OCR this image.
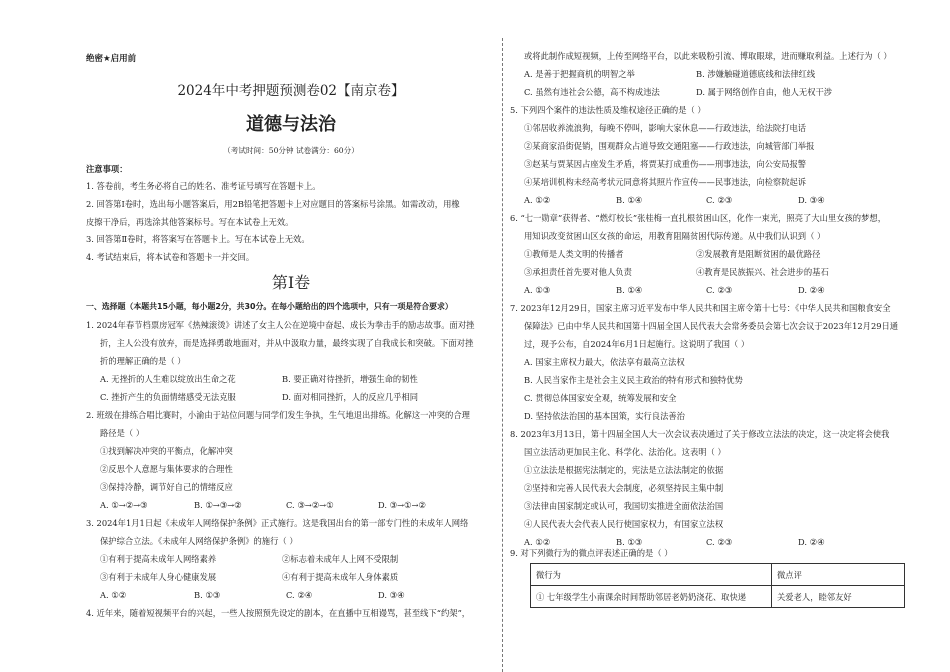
绝密★启用前
2024年中考押题预测卷02【南京卷】
道德与法治
（考试时间：50分钟 试卷满分：60分）
注意事项：
1. 答卷前，考生务必将自己的姓名、准考证号填写在答题卡上。
2. 回答第Ⅰ卷时，选出每小题答案后，用2B铅笔把答题卡上对应题目的答案标号涂黑。如需改动，用橡
皮擦干净后，再选涂其他答案标号。写在本试卷上无效。
3. 回答第Ⅱ卷时，将答案写在答题卡上。写在本试卷上无效。
4. 考试结束后，将本试卷和答题卡一并交回。
第Ⅰ卷
一、选择题（本题共15小题，每小题2分，共30分。在每小题给出的四个选项中，只有一项是符合要求）
1. 2024年春节档票房冠军《热辣滚烫》讲述了女主人公在逆境中奋起、成长为拳击手的励志故事。面对挫
折，主人公没有放弃，而是选择勇敢地面对，并从中汲取力量，最终实现了自我成长和突破。下面对挫
折的理解正确的是（ ）
A. 无挫折的人生难以绽放出生命之花	B. 要正确对待挫折，增强生命的韧性
C. 挫折产生的负面情绪感受无法克服	D. 面对相同挫折，人的反应几乎相同
2. 班级在排练合唱比赛时，小渝由于站位问题与同学们发生争执，生气地退出排练。化解这一冲突的合理
路径是（ ）
①找到解决冲突的平衡点，化解冲突
②反思个人意愿与集体要求的合理性
③保持冷静，调节好自己的情绪反应
A. ①→②→③	B. ①→③→②	C. ③→②→①	D. ③→①→②
3. 2024年1月1日起《未成年人网络保护条例》正式施行。这是我国出台的第一部专门性的未成年人网络
保护综合立法。《未成年人网络保护条例》的施行（ ）
①有利于提高未成年人网络素养	②标志着未成年人上网不受限制
③有利于未成年人身心健康发展	④有利于提高未成年人身体素质
A. ①②	B. ①③	C. ②④	D. ③④
4. 近年来，随着短视频平台的兴起，一些人按照预先设定的剧本，在直播中互相谩骂，甚至线下“约架”，
或将此制作成短视频，上传至网络平台，以此来吸粉引流、博取眼球，进而赚取利益。上述行为（ ）
A. 是善于把握商机的明智之举	B. 涉嫌触碰道德底线和法律红线
C. 虽然有违社会公德，高不构成违法	D. 属于网络创作自由，他人无权干涉
5. 下列四个案件的违法性质及维权途径正确的是（ ）
①邻居收养流浪狗，每晚不停叫，影响大家休息——行政违法，给法院打电话
②某商家沿街促销，围观群众占道导致交通阻塞——行政违法，向城管部门举报
③赵某与贾某因占座发生矛盾，将贾某打成重伤——刑事违法，向公安局报警
④某培训机构未经高考状元同意将其照片作宣传——民事违法，向检察院起诉
A. ①②	B. ①④	C. ②③	D. ③④
6. “七一勋章”获得者、“燃灯校长”张桂梅一直扎根贫困山区，化作一束光，照亮了大山里女孩的梦想，
用知识改变贫困山区女孩的命运，用教育阻隔贫困代际传递。从中我们认识到（ ）
①教师是人类文明的传播者	②发展教育是阻断贫困的最优路径
③承担责任首先要对他人负责	④教育是民族振兴、社会进步的基石
A. ①③	B. ①④	C. ②③	D. ②④
7. 2023年12月29日，国家主席习近平发布中华人民共和国主席令第十七号：《中华人民共和国粮食安全
保障法》已由中华人民共和国第十四届全国人民代表大会常务委员会第七次会议于2023年12月29日通
过，现予公布，自2024年6月1日起施行。这说明了我国（ ）
A. 国家主席权力最大，依法享有最高立法权
B. 人民当家作主是社会主义民主政治的特有形式和独特优势
C. 贯彻总体国家安全观，统筹发展和安全
D. 坚持依法治国的基本国策，实行良法善治
8. 2023年3月13日，第十四届全国人大一次会议表决通过了关于修改立法法的决定，这一决定将会使我
国立法活动更加民主化、科学化、法治化。这表明（ ）
①立法法是根据宪法制定的，宪法是立法法制定的依据
②坚持和完善人民代表大会制度，必须坚持民主集中制
③法律由国家制定或认可，我国切实推进全面依法治国
④人民代表大会代表人民行使国家权力，有国家立法权
A. ①②	B. ①③	C. ②③	D. ②④
9. 对下列微行为的微点评表述正确的是（ ）
微行为	微点评
① 七年级学生小南课余时间帮助邻居老奶奶浇花、取快递	关爱老人，睦邻友好
